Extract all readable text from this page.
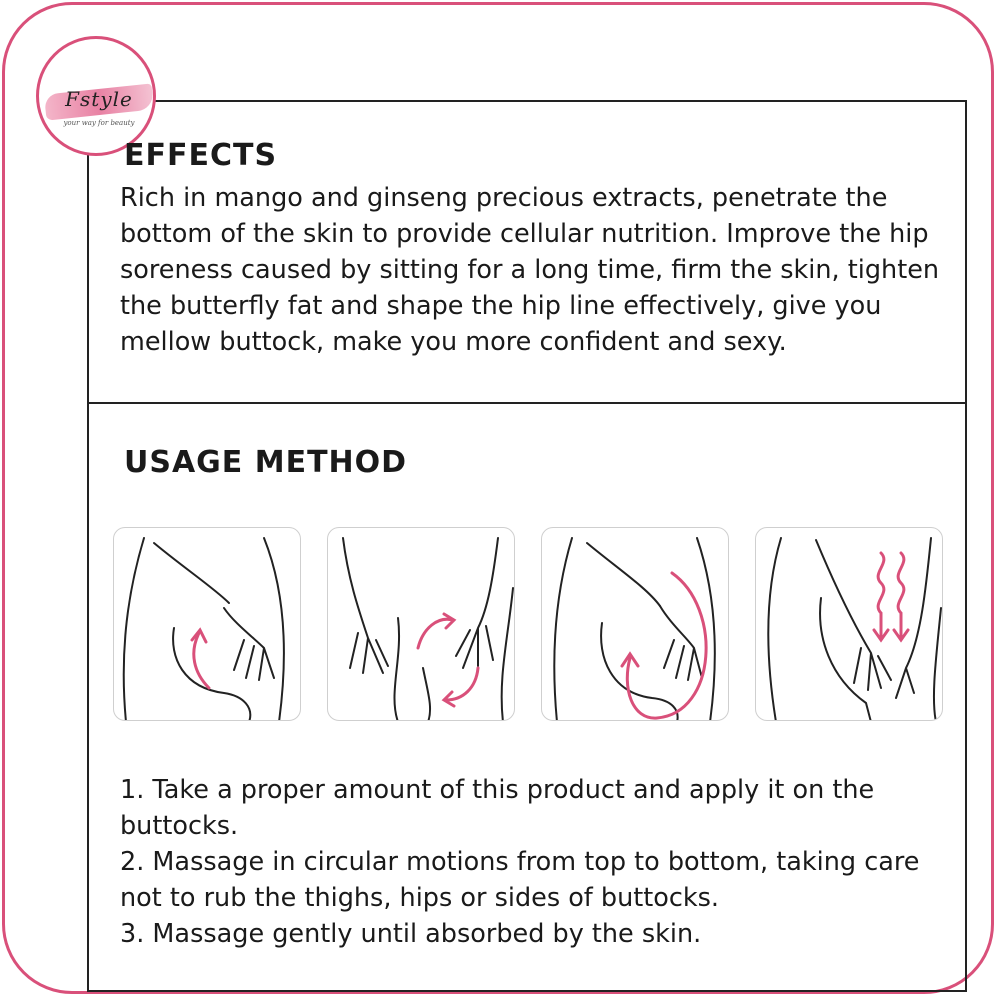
Fstyle
your way for beauty
EFFECTS

Rich in mango and ginseng precious extracts, penetrate the bottom of the skin to provide cellular nutrition. Improve the hip soreness caused by sitting for a long time, firm the skin, tighten the butterfly fat and shape the hip line effectively, give you mellow buttock, make you more confident and sexy.

USAGE METHOD
1. Take a proper amount of this product and apply it on the buttocks.
2. Massage in circular motions from top to bottom, taking care not to rub the thighs, hips or sides of buttocks.
3. Massage gently until absorbed by the skin.
